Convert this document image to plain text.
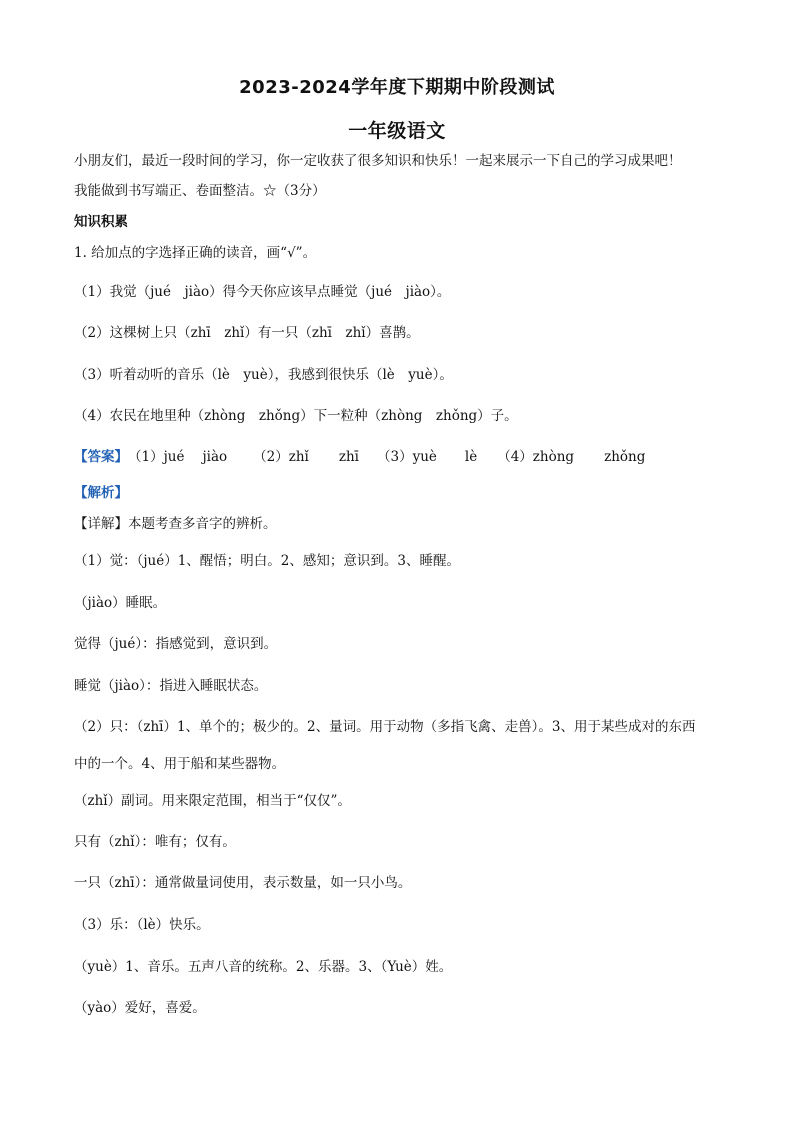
2023-2024学年度下期期中阶段测试
一年级语文
小朋友们，最近一段时间的学习，你一定收获了很多知识和快乐！一起来展示一下自己的学习成果吧！
我能做到书写端正、卷面整洁。☆（3分）
知识积累
1. 给加点的字选择正确的读音，画“√”。
（1）我觉（jué　jiào）得今天你应该早点睡觉（jué　jiào）。
（2）这棵树上只（zhī　zhǐ）有一只（zhī　zhǐ）喜鹊。
（3）听着动听的音乐（lè　yuè），我感到很快乐（lè　yuè）。
（4）农民在地里种（zhòng　zhǒng）下一粒种（zhòng　zhǒng）子。
【答案】（1）jué jiào （2）zhǐ zhī （3）yuè lè （4）zhòng zhǒng
【解析】
【详解】本题考查多音字的辨析。
（1）觉：（jué）1、醒悟；明白。2、感知；意识到。3、睡醒。
（jiào）睡眠。
觉得（jué）：指感觉到，意识到。
睡觉（jiào）：指进入睡眠状态。
（2）只：（zhī）1、单个的；极少的。2、量词。用于动物（多指飞禽、走兽）。3、用于某些成对的东西
中的一个。4、用于船和某些器物。
（zhǐ）副词。用来限定范围，相当于“仅仅”。
只有（zhǐ）：唯有；仅有。
一只（zhī）：通常做量词使用，表示数量，如一只小鸟。
（3）乐：（lè）快乐。
（yuè）1、音乐。五声八音的统称。2、乐器。3、（Yuè）姓。
（yào）爱好，喜爱。
